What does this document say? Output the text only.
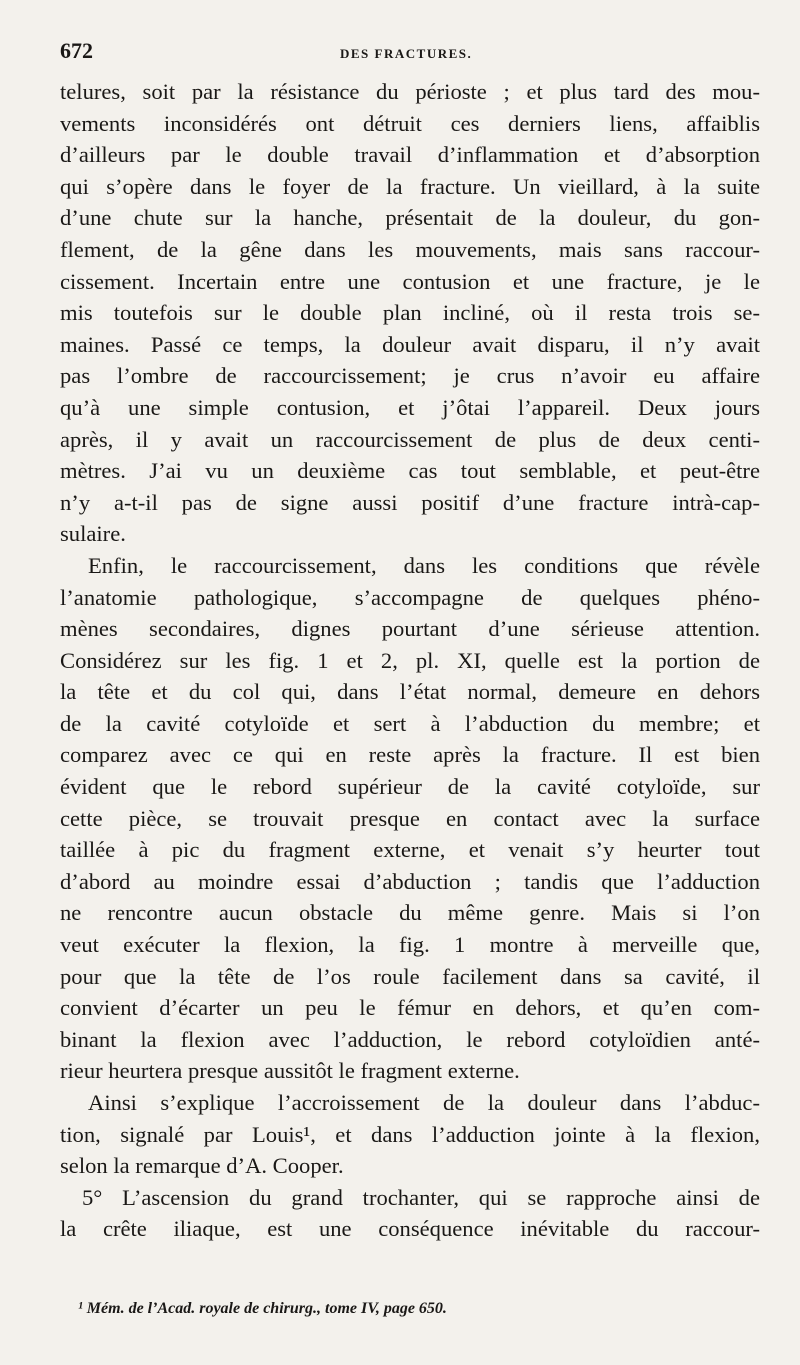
672	DES FRACTURES.

telures, soit par la résistance du périoste ; et plus tard des mou-
vements inconsidérés ont détruit ces derniers liens, affaiblis
d’ailleurs par le double travail d’inflammation et d’absorption
qui s’opère dans le foyer de la fracture. Un vieillard, à la suite
d’une chute sur la hanche, présentait de la douleur, du gon-
flement, de la gêne dans les mouvements, mais sans raccour-
cissement. Incertain entre une contusion et une fracture, je le
mis toutefois sur le double plan incliné, où il resta trois se-
maines. Passé ce temps, la douleur avait disparu, il n’y avait
pas l’ombre de raccourcissement; je crus n’avoir eu affaire
qu’à une simple contusion, et j’ôtai l’appareil. Deux jours
après, il y avait un raccourcissement de plus de deux centi-
mètres. J’ai vu un deuxième cas tout semblable, et peut-être
n’y a-t-il pas de signe aussi positif d’une fracture intrà-cap-
sulaire.

Enfin, le raccourcissement, dans les conditions que révèle
l’anatomie pathologique, s’accompagne de quelques phéno-
mènes secondaires, dignes pourtant d’une sérieuse attention.
Considérez sur les fig. 1 et 2, pl. XI, quelle est la portion de
la tête et du col qui, dans l’état normal, demeure en dehors
de la cavité cotyloïde et sert à l’abduction du membre; et
comparez avec ce qui en reste après la fracture. Il est bien
évident que le rebord supérieur de la cavité cotyloïde, sur
cette pièce, se trouvait presque en contact avec la surface
taillée à pic du fragment externe, et venait s’y heurter tout
d’abord au moindre essai d’abduction ; tandis que l’adduction
ne rencontre aucun obstacle du même genre. Mais si l’on
veut exécuter la flexion, la fig. 1 montre à merveille que,
pour que la tête de l’os roule facilement dans sa cavité, il
convient d’écarter un peu le fémur en dehors, et qu’en com-
binant la flexion avec l’adduction, le rebord cotyloïdien anté-
rieur heurtera presque aussitôt le fragment externe.

Ainsi s’explique l’accroissement de la douleur dans l’abduc-
tion, signalé par Louis¹, et dans l’adduction jointe à la flexion,
selon la remarque d’A. Cooper.

5° L’ascension du grand trochanter, qui se rapproche ainsi de
la crête iliaque, est une conséquence inévitable du raccour-

¹ Mém. de l’Acad. royale de chirurg., tome IV, page 650.
